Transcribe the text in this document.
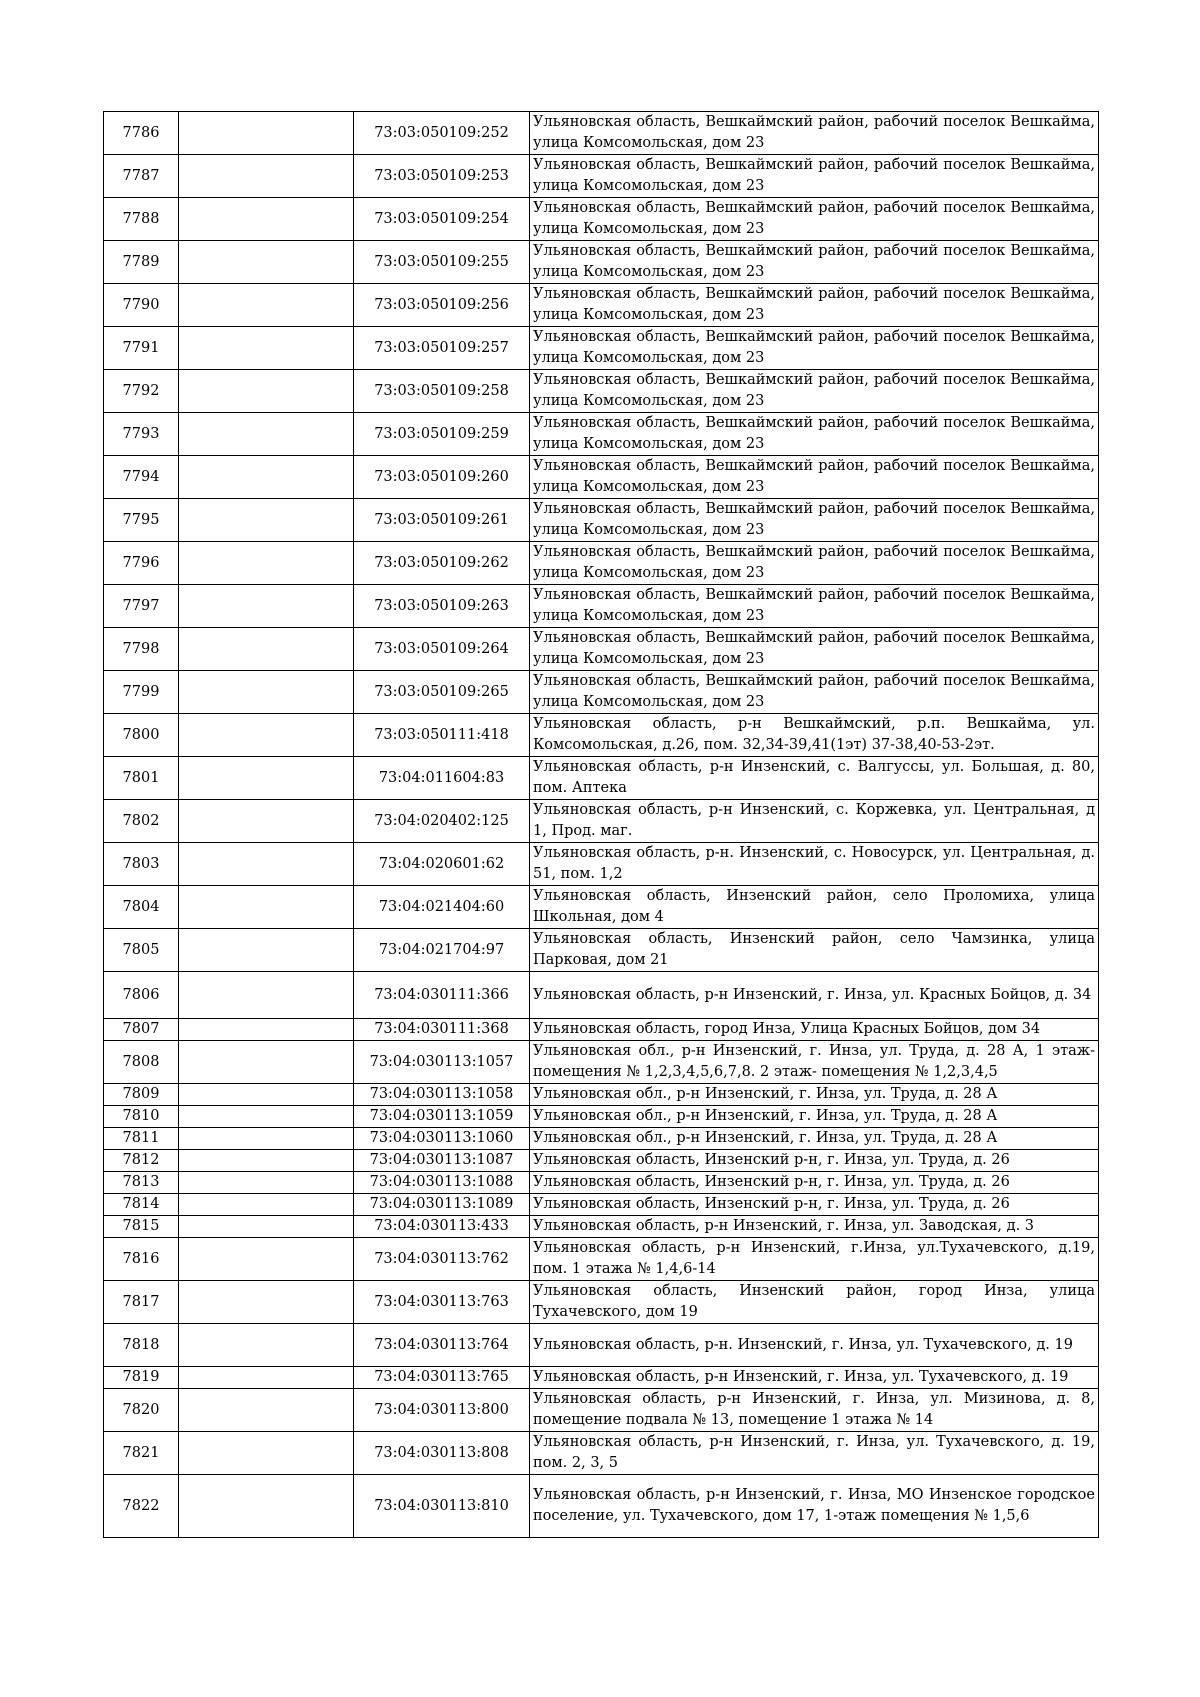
7786		73:03:050109:252	Ульяновская область, Вешкаймский район, рабочий поселок Вешкайма, улица Комсомольская, дом 23
7787		73:03:050109:253	Ульяновская область, Вешкаймский район, рабочий поселок Вешкайма, улица Комсомольская, дом 23
7788		73:03:050109:254	Ульяновская область, Вешкаймский район, рабочий поселок Вешкайма, улица Комсомольская, дом 23
7789		73:03:050109:255	Ульяновская область, Вешкаймский район, рабочий поселок Вешкайма, улица Комсомольская, дом 23
7790		73:03:050109:256	Ульяновская область, Вешкаймский район, рабочий поселок Вешкайма, улица Комсомольская, дом 23
7791		73:03:050109:257	Ульяновская область, Вешкаймский район, рабочий поселок Вешкайма, улица Комсомольская, дом 23
7792		73:03:050109:258	Ульяновская область, Вешкаймский район, рабочий поселок Вешкайма, улица Комсомольская, дом 23
7793		73:03:050109:259	Ульяновская область, Вешкаймский район, рабочий поселок Вешкайма, улица Комсомольская, дом 23
7794		73:03:050109:260	Ульяновская область, Вешкаймский район, рабочий поселок Вешкайма, улица Комсомольская, дом 23
7795		73:03:050109:261	Ульяновская область, Вешкаймский район, рабочий поселок Вешкайма, улица Комсомольская, дом 23
7796		73:03:050109:262	Ульяновская область, Вешкаймский район, рабочий поселок Вешкайма, улица Комсомольская, дом 23
7797		73:03:050109:263	Ульяновская область, Вешкаймский район, рабочий поселок Вешкайма, улица Комсомольская, дом 23
7798		73:03:050109:264	Ульяновская область, Вешкаймский район, рабочий поселок Вешкайма, улица Комсомольская, дом 23
7799		73:03:050109:265	Ульяновская область, Вешкаймский район, рабочий поселок Вешкайма, улица Комсомольская, дом 23
7800		73:03:050111:418	Ульяновская область, р-н Вешкаймский, р.п. Вешкайма, ул. Комсомольская, д.26, пом. 32,34-39,41(1эт) 37-38,40-53-2эт.
7801		73:04:011604:83	Ульяновская область, р-н Инзенский, с. Валгуссы, ул. Большая, д. 80, пом. Аптека
7802		73:04:020402:125	Ульяновская область, р-н Инзенский, с. Коржевка, ул. Центральная, д 1, Прод. маг.
7803		73:04:020601:62	Ульяновская область, р-н. Инзенский, с. Новосурск, ул. Центральная, д. 51, пом. 1,2
7804		73:04:021404:60	Ульяновская область, Инзенский район, село Проломиха, улица Школьная, дом 4
7805		73:04:021704:97	Ульяновская область, Инзенский район, село Чамзинка, улица Парковая, дом 21
7806		73:04:030111:366	Ульяновская область, р-н Инзенский, г. Инза, ул. Красных Бойцов, д. 34
7807		73:04:030111:368	Ульяновская область, город Инза, Улица Красных Бойцов, дом 34
7808		73:04:030113:1057	Ульяновская обл., р-н Инзенский, г. Инза, ул. Труда, д. 28 А, 1 этаж- помещения № 1,2,3,4,5,6,7,8. 2 этаж- помещения № 1,2,3,4,5
7809		73:04:030113:1058	Ульяновская обл., р-н Инзенский, г. Инза, ул. Труда, д. 28 А
7810		73:04:030113:1059	Ульяновская обл., р-н Инзенский, г. Инза, ул. Труда, д. 28 А
7811		73:04:030113:1060	Ульяновская обл., р-н Инзенский, г. Инза, ул. Труда, д. 28 А
7812		73:04:030113:1087	Ульяновская область, Инзенский р-н, г. Инза, ул. Труда, д. 26
7813		73:04:030113:1088	Ульяновская область, Инзенский р-н, г. Инза, ул. Труда, д. 26
7814		73:04:030113:1089	Ульяновская область, Инзенский р-н, г. Инза, ул. Труда, д. 26
7815		73:04:030113:433	Ульяновская область, р-н Инзенский, г. Инза, ул. Заводская, д. 3
7816		73:04:030113:762	Ульяновская область, р-н Инзенский, г.Инза, ул.Тухачевского, д.19, пом. 1 этажа № 1,4,6-14
7817		73:04:030113:763	Ульяновская область, Инзенский район, город Инза, улица Тухачевского, дом 19
7818		73:04:030113:764	Ульяновская область, р-н. Инзенский, г. Инза, ул. Тухачевского, д. 19
7819		73:04:030113:765	Ульяновская область, р-н Инзенский, г. Инза, ул. Тухачевского, д. 19
7820		73:04:030113:800	Ульяновская область, р-н Инзенский, г. Инза, ул. Мизинова, д. 8, помещение подвала № 13, помещение 1 этажа № 14
7821		73:04:030113:808	Ульяновская область, р-н Инзенский, г. Инза, ул. Тухачевского, д. 19, пом. 2, 3, 5
7822		73:04:030113:810	Ульяновская область, р-н Инзенский, г. Инза, МО Инзенское городское поселение, ул. Тухачевского, дом 17, 1-этаж помещения № 1,5,6
